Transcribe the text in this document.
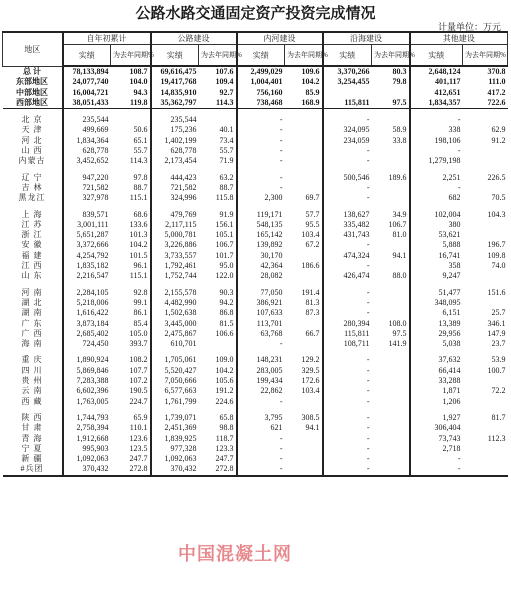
公路水路交通固定资产投资完成情况
计量单位：万元
地区	自年初累计		公路建设		内河建设		沿海建设		其他建设	
	实绩	为去年同期%	实绩	为去年同期%	实绩	为去年同期%	实绩	为去年同期%	实绩	为去年同期%
总 计	78,133,894	108.7	69,616,475	107.6	2,499,029	109.6	3,370,266	80.3	2,648,124	370.8
东部地区	24,077,740	104.0	19,417,768	109.4	1,004,401	104.2	3,254,455	79.8	401,117	111.0
中部地区	16,004,721	94.3	14,835,910	92.7	756,160	85.9			412,651	417.2
西部地区	38,051,433	119.8	35,362,797	114.3	738,468	168.9	115,811	97.5	1,834,357	722.6

北 京	235,544		235,544		-		-		-	
天 津	499,669	50.6	175,236	40.1	-		324,095	58.9	338	62.9
河 北	1,834,364	65.1	1,402,199	73.4	-		234,059	33.8	198,106	91.2
山 西	628,778	55.7	628,778	55.7	-		-		-	
内蒙古	3,452,652	114.3	2,173,454	71.9	-		-		1,279,198	

辽 宁	947,220	97.8	444,423	63.2	-		500,546	189.6	2,251	226.5
吉 林	721,582	88.7	721,582	88.7	-		-		-	
黑龙江	327,978	115.1	324,996	115.8	2,300	69.7	-		682	70.5

上 海	839,571	68.6	479,769	91.9	119,171	57.7	138,627	34.9	102,004	104.3
江 苏	3,001,111	133.6	2,117,115	156.1	548,135	95.5	335,482	106.7	380	
浙 江	5,651,287	101.3	5,000,781	105.1	165,142	103.4	431,743	81.0	53,621	
安 徽	3,372,666	104.2	3,226,886	106.7	139,892	67.2	-		5,888	196.7
福 建	4,254,792	101.5	3,733,557	101.7	30,170		474,324	94.1	16,741	109.8
江 西	1,835,182	96.1	1,792,461	95.0	42,364	186.6	-		358	74.0
山 东	2,216,547	115.1	1,752,744	122.0	28,082		426,474	88.0	9,247	

河 南	2,284,105	92.8	2,155,578	90.3	77,050	191.4	-		51,477	151.6
湖 北	5,218,006	99.1	4,482,990	94.2	386,921	81.3	-		348,095	
湖 南	1,616,422	86.1	1,502,638	86.8	107,633	87.3	-		6,151	25.7
广 东	3,873,184	85.4	3,445,000	81.5	113,701		280,394	108.0	13,389	346.1
广 西	2,685,402	105.0	2,475,867	106.6	63,768	66.7	115,811	97.5	29,956	147.9
海 南	724,450	393.7	610,701		-		108,711	141.9	5,038	23.7

重 庆	1,890,924	108.2	1,705,061	109.0	148,231	129.2	-		37,632	53.9
四 川	5,869,846	107.7	5,520,427	104.2	283,005	329.5	-		66,414	100.7
贵 州	7,283,388	107.2	7,050,666	105.6	199,434	172.6	-		33,288	
云 南	6,602,396	190.5	6,577,663	191.2	22,862	103.4	-		1,871	72.2
西 藏	1,763,005	224.7	1,761,799	224.6	-		-		1,206	

陕 西	1,744,793	65.9	1,739,071	65.8	3,795	308.5	-		1,927	81.7
甘 肃	2,758,394	110.1	2,451,369	98.8	621	94.1	-		306,404	
青 海	1,912,668	123.6	1,839,925	118.7	-		-		73,743	112.3
宁 夏	995,903	123.5	977,328	123.3	-		-		2,718	
新 疆	1,092,063	247.7	1,092,063	247.7	-		-		-	
#兵团	370,432	272.8	370,432	272.8	-		-		-	
中国混凝土网
